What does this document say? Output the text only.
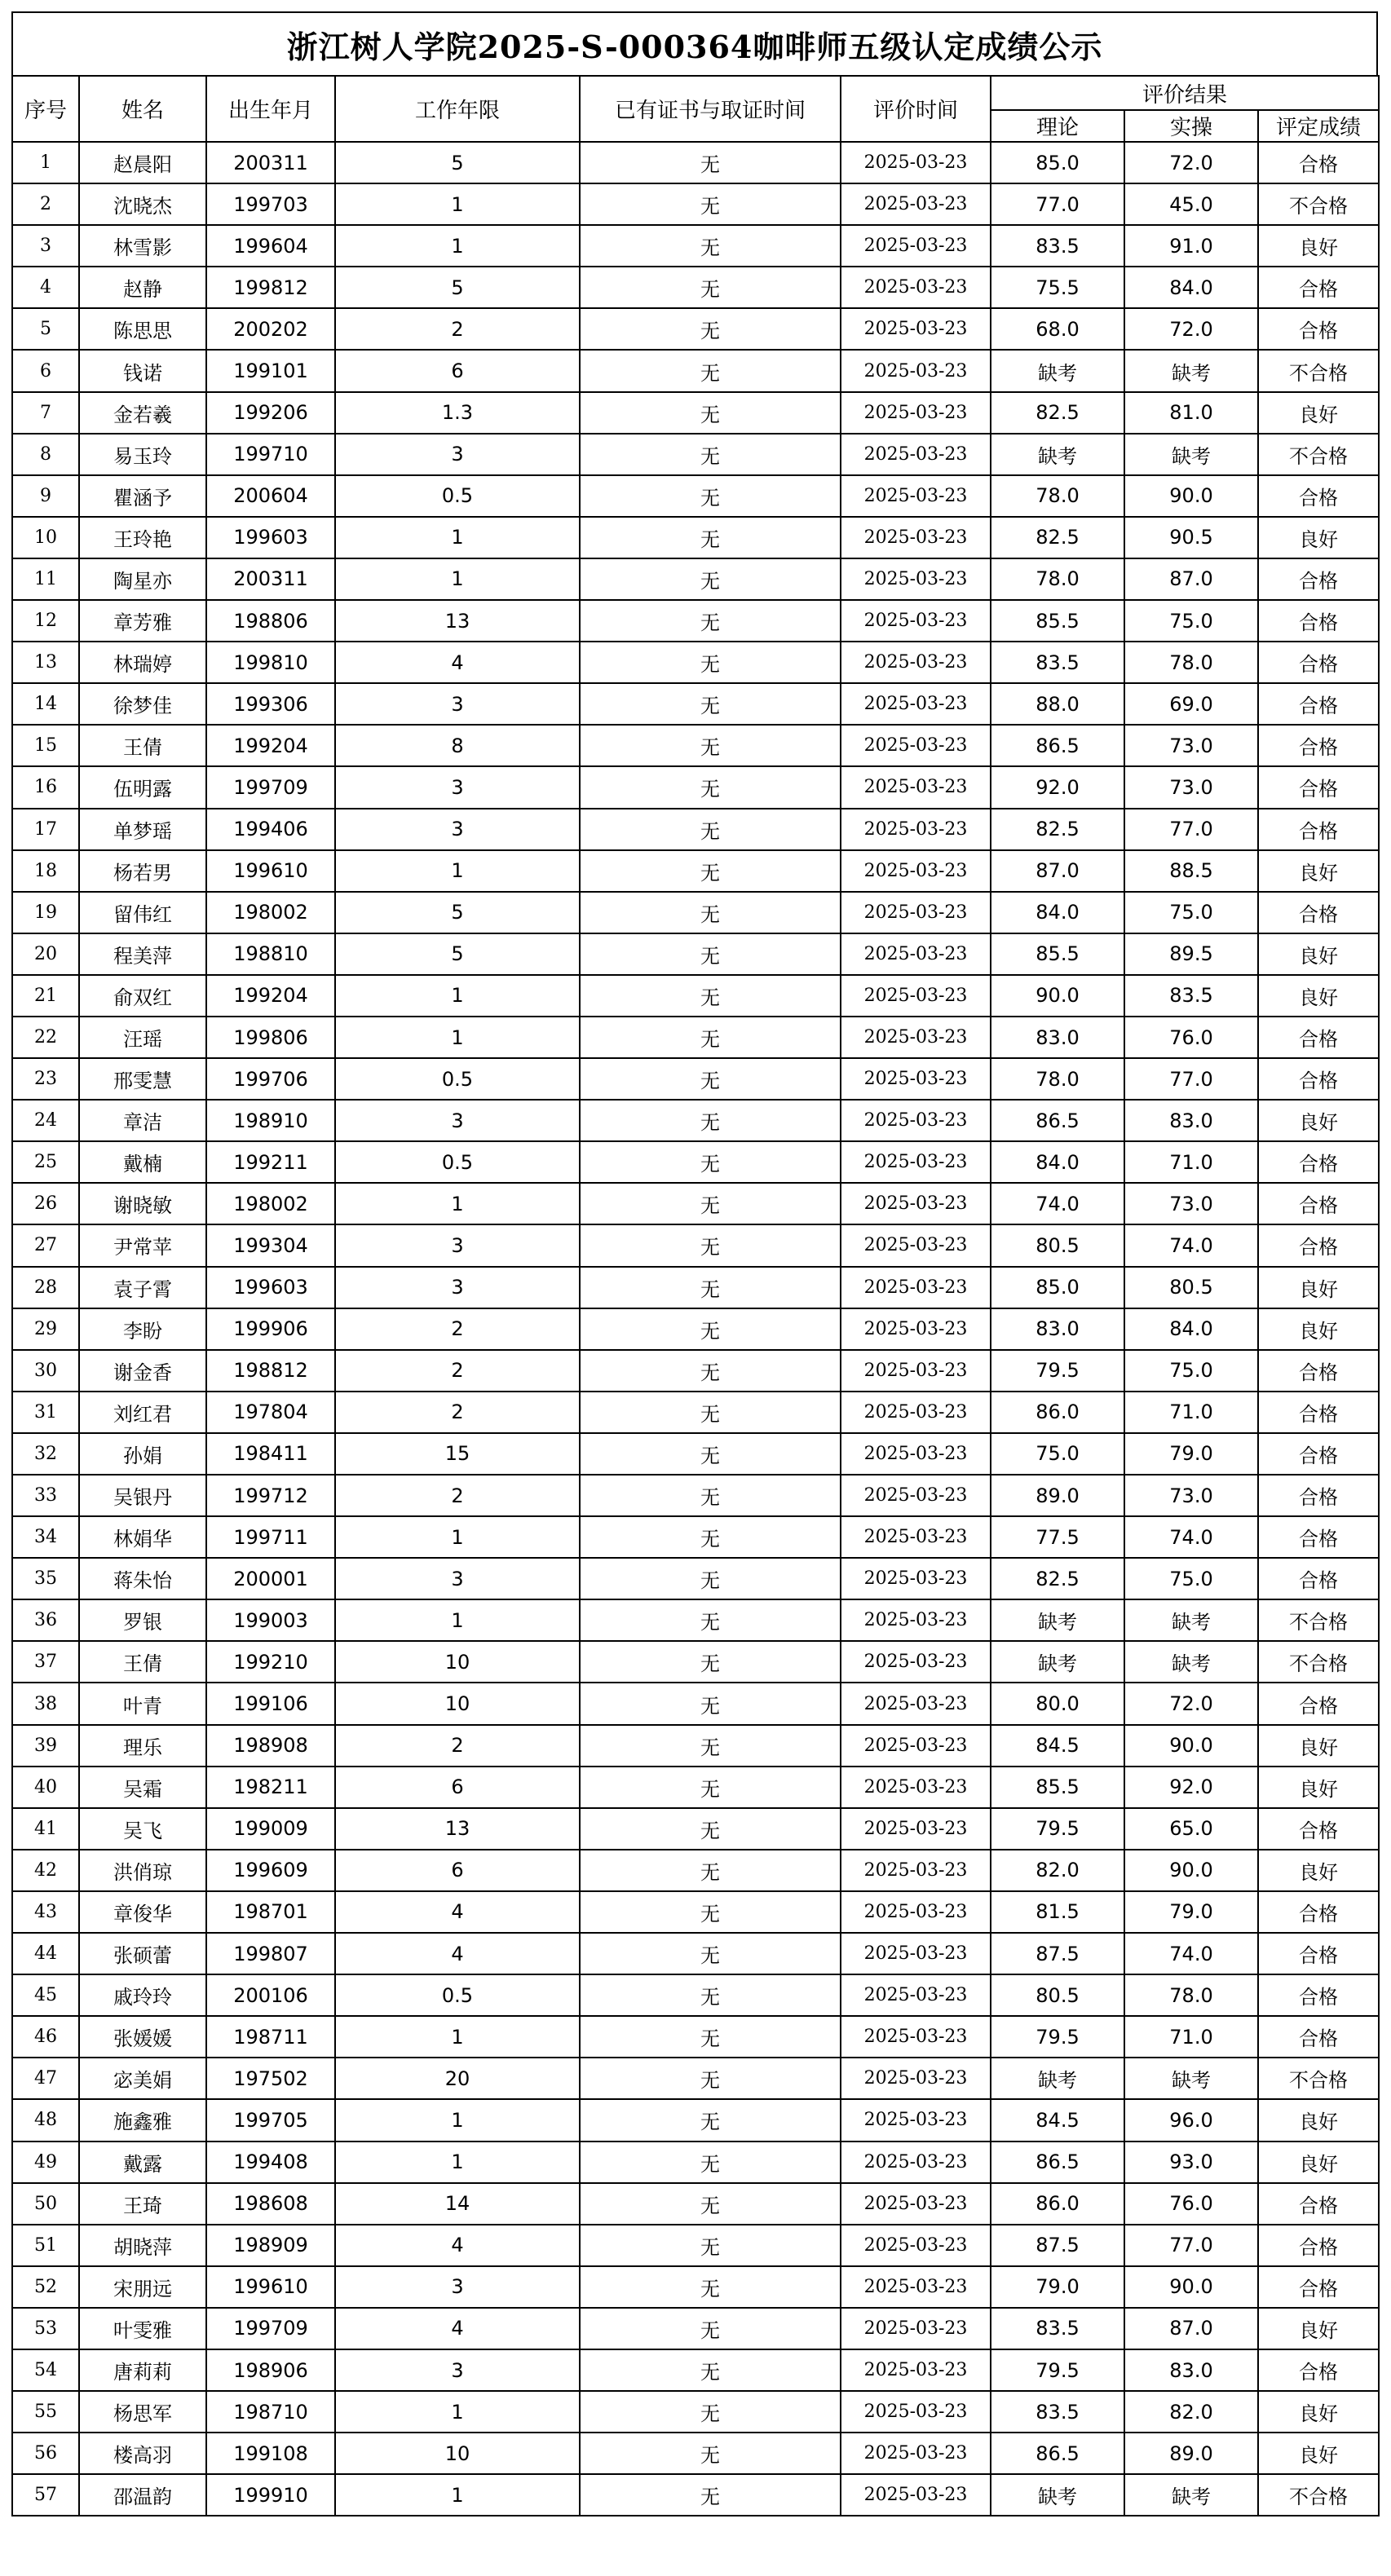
浙江树人学院2025-S-000364咖啡师五级认定成绩公示
序号	姓名	出生年月	工作年限	已有证书与取证时间	评价时间	评价结果		
						理论	实操	评定成绩
1	赵晨阳	200311	5	无	2025-03-23	85.0	72.0	合格
2	沈晓杰	199703	1	无	2025-03-23	77.0	45.0	不合格
3	林雪影	199604	1	无	2025-03-23	83.5	91.0	良好
4	赵静	199812	5	无	2025-03-23	75.5	84.0	合格
5	陈思思	200202	2	无	2025-03-23	68.0	72.0	合格
6	钱诺	199101	6	无	2025-03-23	缺考	缺考	不合格
7	金若羲	199206	1.3	无	2025-03-23	82.5	81.0	良好
8	易玉玲	199710	3	无	2025-03-23	缺考	缺考	不合格
9	瞿涵予	200604	0.5	无	2025-03-23	78.0	90.0	合格
10	王玲艳	199603	1	无	2025-03-23	82.5	90.5	良好
11	陶星亦	200311	1	无	2025-03-23	78.0	87.0	合格
12	章芳雅	198806	13	无	2025-03-23	85.5	75.0	合格
13	林瑞婷	199810	4	无	2025-03-23	83.5	78.0	合格
14	徐梦佳	199306	3	无	2025-03-23	88.0	69.0	合格
15	王倩	199204	8	无	2025-03-23	86.5	73.0	合格
16	伍明露	199709	3	无	2025-03-23	92.0	73.0	合格
17	单梦瑶	199406	3	无	2025-03-23	82.5	77.0	合格
18	杨若男	199610	1	无	2025-03-23	87.0	88.5	良好
19	留伟红	198002	5	无	2025-03-23	84.0	75.0	合格
20	程美萍	198810	5	无	2025-03-23	85.5	89.5	良好
21	俞双红	199204	1	无	2025-03-23	90.0	83.5	良好
22	汪瑶	199806	1	无	2025-03-23	83.0	76.0	合格
23	邢雯慧	199706	0.5	无	2025-03-23	78.0	77.0	合格
24	章洁	198910	3	无	2025-03-23	86.5	83.0	良好
25	戴楠	199211	0.5	无	2025-03-23	84.0	71.0	合格
26	谢晓敏	198002	1	无	2025-03-23	74.0	73.0	合格
27	尹常苹	199304	3	无	2025-03-23	80.5	74.0	合格
28	袁子霄	199603	3	无	2025-03-23	85.0	80.5	良好
29	李盼	199906	2	无	2025-03-23	83.0	84.0	良好
30	谢金香	198812	2	无	2025-03-23	79.5	75.0	合格
31	刘红君	197804	2	无	2025-03-23	86.0	71.0	合格
32	孙娟	198411	15	无	2025-03-23	75.0	79.0	合格
33	吴银丹	199712	2	无	2025-03-23	89.0	73.0	合格
34	林娟华	199711	1	无	2025-03-23	77.5	74.0	合格
35	蒋朱怡	200001	3	无	2025-03-23	82.5	75.0	合格
36	罗银	199003	1	无	2025-03-23	缺考	缺考	不合格
37	王倩	199210	10	无	2025-03-23	缺考	缺考	不合格
38	叶青	199106	10	无	2025-03-23	80.0	72.0	合格
39	理乐	198908	2	无	2025-03-23	84.5	90.0	良好
40	吴霜	198211	6	无	2025-03-23	85.5	92.0	良好
41	吴飞	199009	13	无	2025-03-23	79.5	65.0	合格
42	洪俏琼	199609	6	无	2025-03-23	82.0	90.0	良好
43	章俊华	198701	4	无	2025-03-23	81.5	79.0	合格
44	张硕蕾	199807	4	无	2025-03-23	87.5	74.0	合格
45	戚玲玲	200106	0.5	无	2025-03-23	80.5	78.0	合格
46	张媛媛	198711	1	无	2025-03-23	79.5	71.0	合格
47	宓美娟	197502	20	无	2025-03-23	缺考	缺考	不合格
48	施鑫雅	199705	1	无	2025-03-23	84.5	96.0	良好
49	戴露	199408	1	无	2025-03-23	86.5	93.0	良好
50	王琦	198608	14	无	2025-03-23	86.0	76.0	合格
51	胡晓萍	198909	4	无	2025-03-23	87.5	77.0	合格
52	宋朋远	199610	3	无	2025-03-23	79.0	90.0	合格
53	叶雯雅	199709	4	无	2025-03-23	83.5	87.0	良好
54	唐莉莉	198906	3	无	2025-03-23	79.5	83.0	合格
55	杨思军	198710	1	无	2025-03-23	83.5	82.0	良好
56	楼高羽	199108	10	无	2025-03-23	86.5	89.0	良好
57	邵温韵	199910	1	无	2025-03-23	缺考	缺考	不合格
